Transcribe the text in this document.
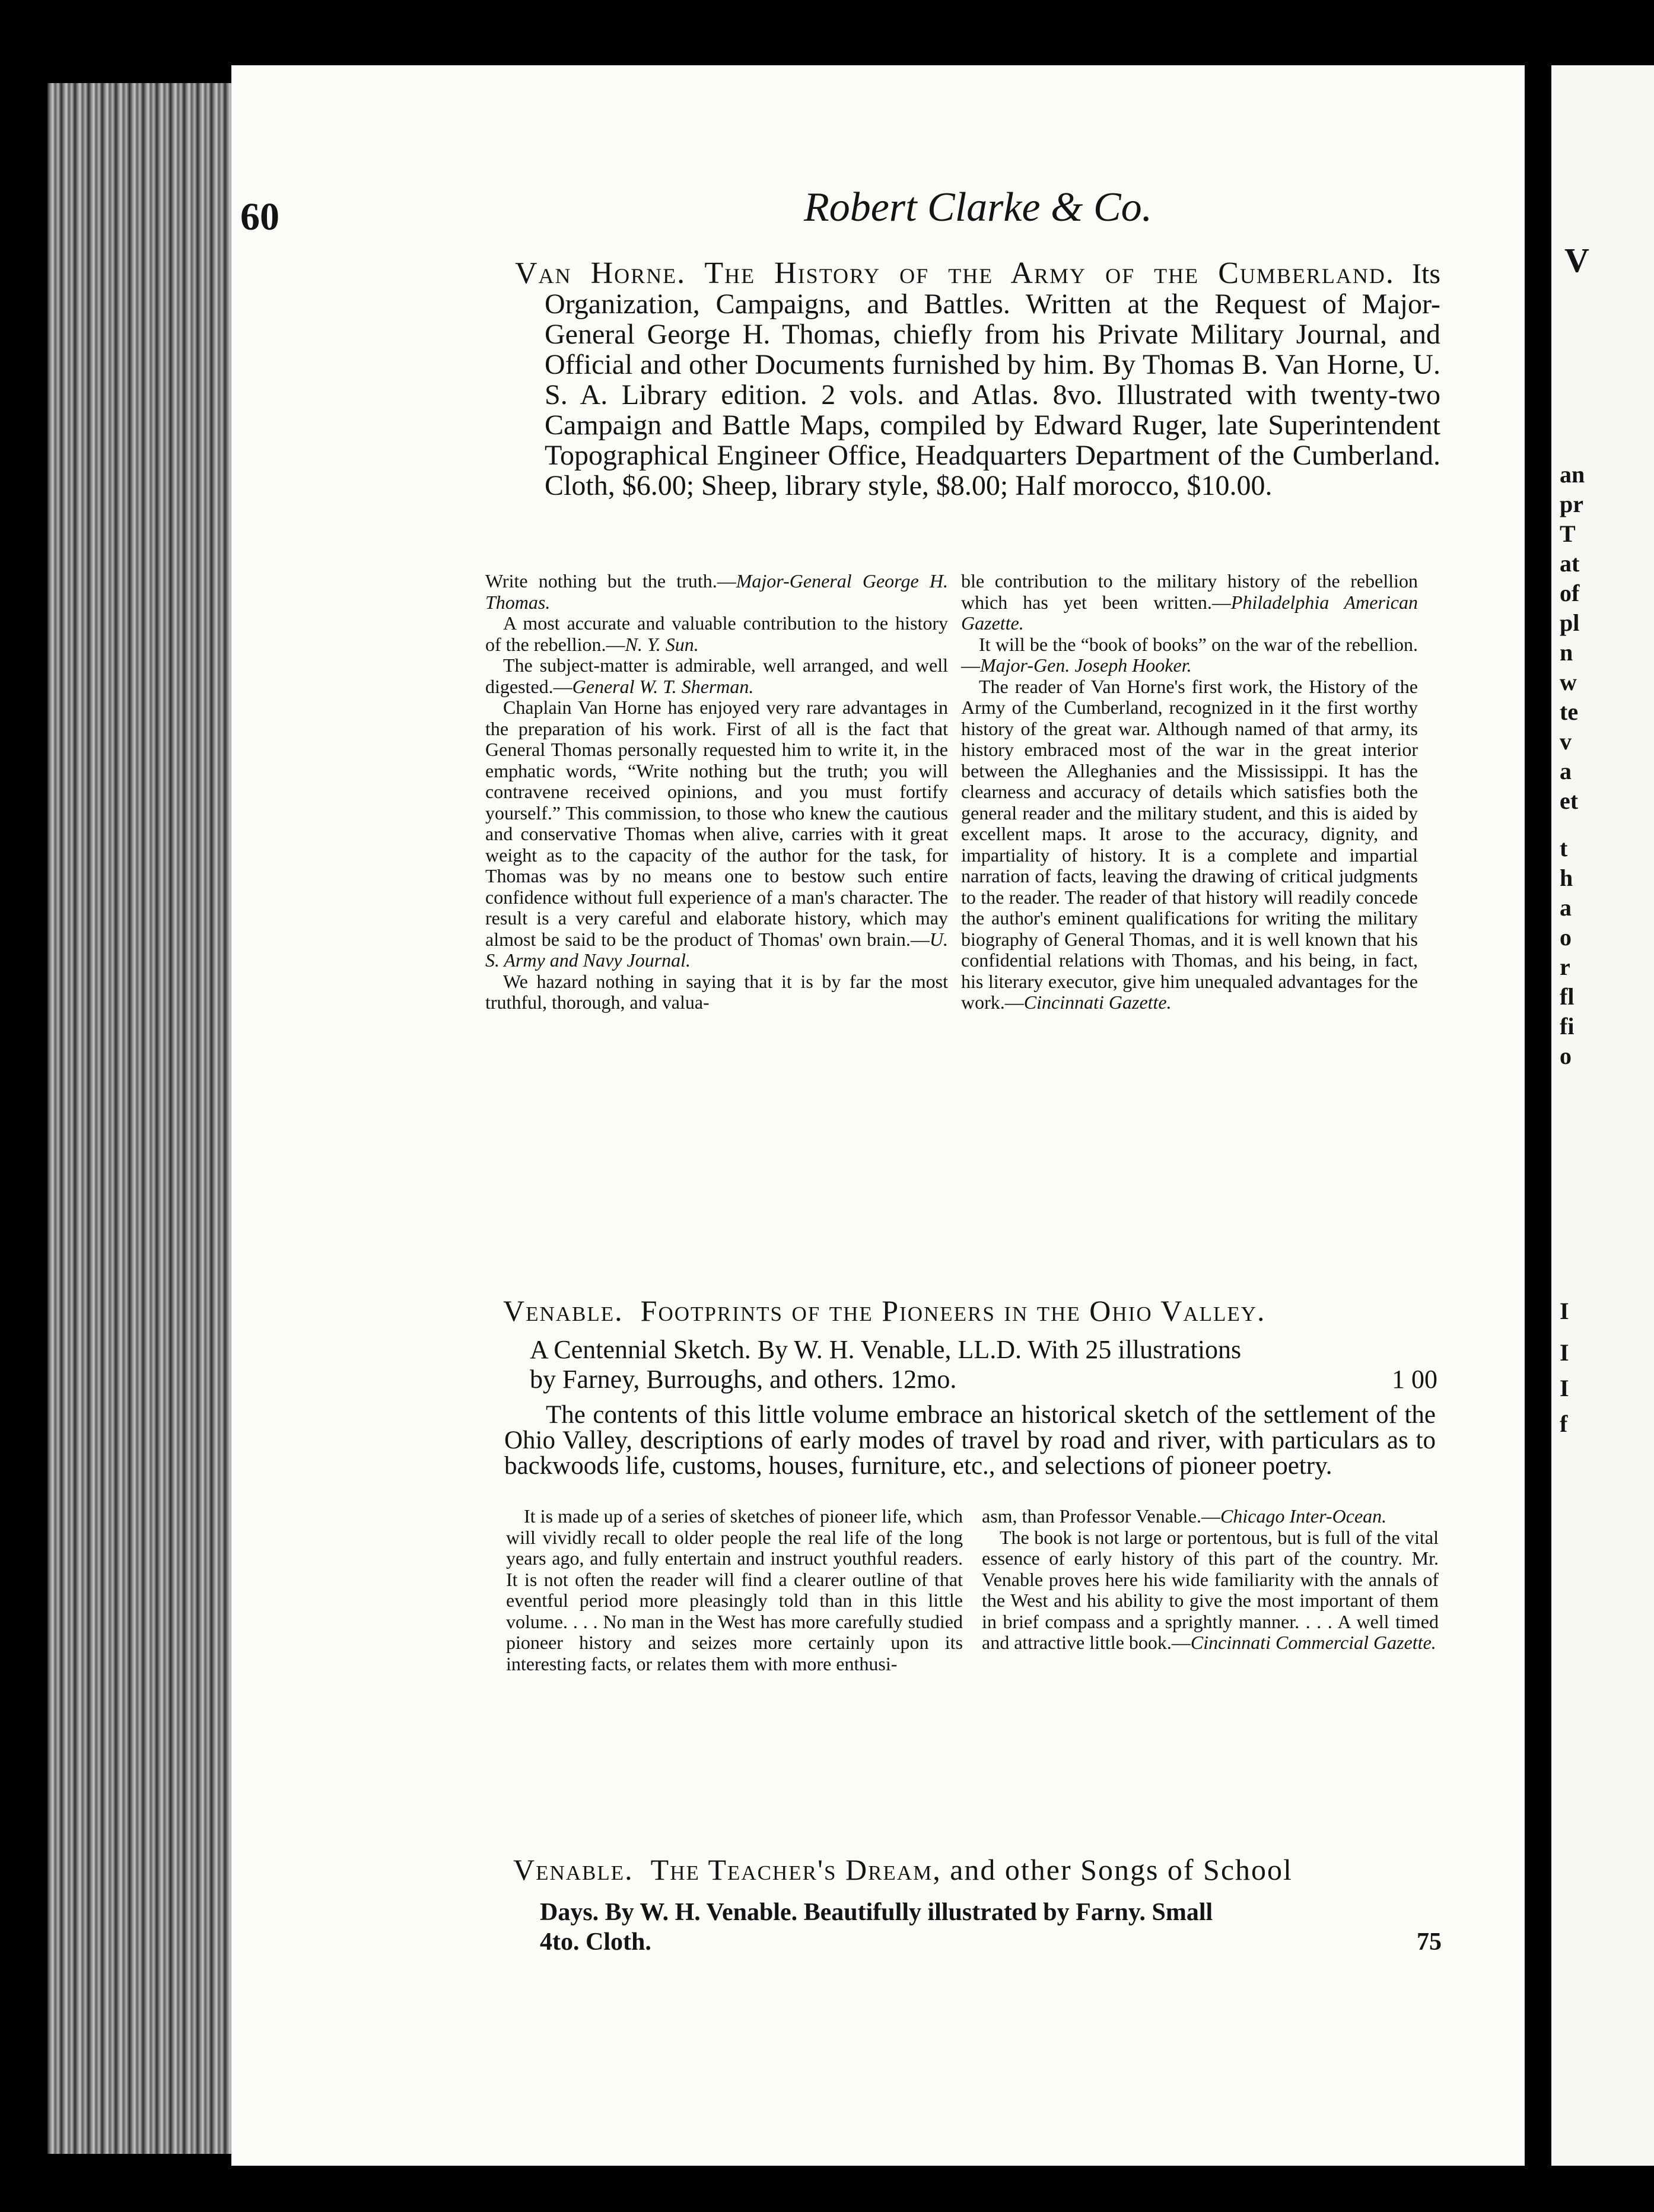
V
an
pr
T
at
of
pl
n
w
te
v
a
et
t
h
a
o
r
fl
fi
o
I
I
I
f
60	Robert Clarke & Co.
Van Horne. The History of the Army of the Cumberland. Its Organization, Campaigns, and Battles. Written at the Request of Major-General George H. Thomas, chiefly from his Private Military Journal, and Official and other Documents furnished by him. By Thomas B. Van Horne, U. S. A. Library edition. 2 vols. and Atlas. 8vo. Illustrated with twenty-two Campaign and Battle Maps, compiled by Edward Ruger, late Superintendent Topographical Engineer Office, Headquarters Department of the Cumberland. Cloth, $6.00; Sheep, library style, $8.00; Half morocco, $10.00.

Write nothing but the truth.—Major-General George H. Thomas.

A most accurate and valuable contribution to the history of the rebellion.—N. Y. Sun.

The subject-matter is admirable, well arranged, and well digested.—General W. T. Sherman.

Chaplain Van Horne has enjoyed very rare advantages in the preparation of his work. First of all is the fact that General Thomas personally requested him to write it, in the emphatic words, “Write nothing but the truth; you will contravene received opinions, and you must fortify yourself.” This commission, to those who knew the cautious and conservative Thomas when alive, carries with it great weight as to the capacity of the author for the task, for Thomas was by no means one to bestow such entire confidence without full experience of a man's character. The result is a very careful and elaborate history, which may almost be said to be the product of Thomas' own brain.—U. S. Army and Navy Journal.

We hazard nothing in saying that it is by far the most truthful, thorough, and valua-

ble contribution to the military history of the rebellion which has yet been written.—Philadelphia American Gazette.

It will be the “book of books” on the war of the rebellion.—Major-Gen. Joseph Hooker.

The reader of Van Horne's first work, the History of the Army of the Cumberland, recognized in it the first worthy history of the great war. Although named of that army, its history embraced most of the war in the great interior between the Alleghanies and the Mississippi. It has the clearness and accuracy of details which satisfies both the general reader and the military student, and this is aided by excellent maps. It arose to the accuracy, dignity, and impartiality of history. It is a complete and impartial narration of facts, leaving the drawing of critical judgments to the reader. The reader of that history will readily concede the author's eminent qualifications for writing the military biography of General Thomas, and it is well known that his confidential relations with Thomas, and his being, in fact, his literary executor, give him unequaled advantages for the work.—Cincinnati Gazette.

Venable. Footprints of the Pioneers in the Ohio Valley.
A Centennial Sketch. By W. H. Venable, LL.D. With 25 illustrations
by Farney, Burroughs, and others. 12mo.	1 00

The contents of this little volume embrace an historical sketch of the settlement of the Ohio Valley, descriptions of early modes of travel by road and river, with particulars as to backwoods life, customs, houses, furniture, etc., and selections of pioneer poetry.

It is made up of a series of sketches of pioneer life, which will vividly recall to older people the real life of the long years ago, and fully entertain and instruct youthful readers. It is not often the reader will find a clearer outline of that eventful period more pleasingly told than in this little volume. . . . No man in the West has more carefully studied pioneer history and seizes more certainly upon its interesting facts, or relates them with more enthusi-

asm, than Professor Venable.—Chicago Inter-Ocean.

The book is not large or portentous, but is full of the vital essence of early history of this part of the country. Mr. Venable proves here his wide familiarity with the annals of the West and his ability to give the most important of them in brief compass and a sprightly manner. . . . A well timed and attractive little book.—Cincinnati Commercial Gazette.

Venable. The Teacher's Dream, and other Songs of School
Days. By W. H. Venable. Beautifully illustrated by Farny. Small
4to. Cloth.	75
